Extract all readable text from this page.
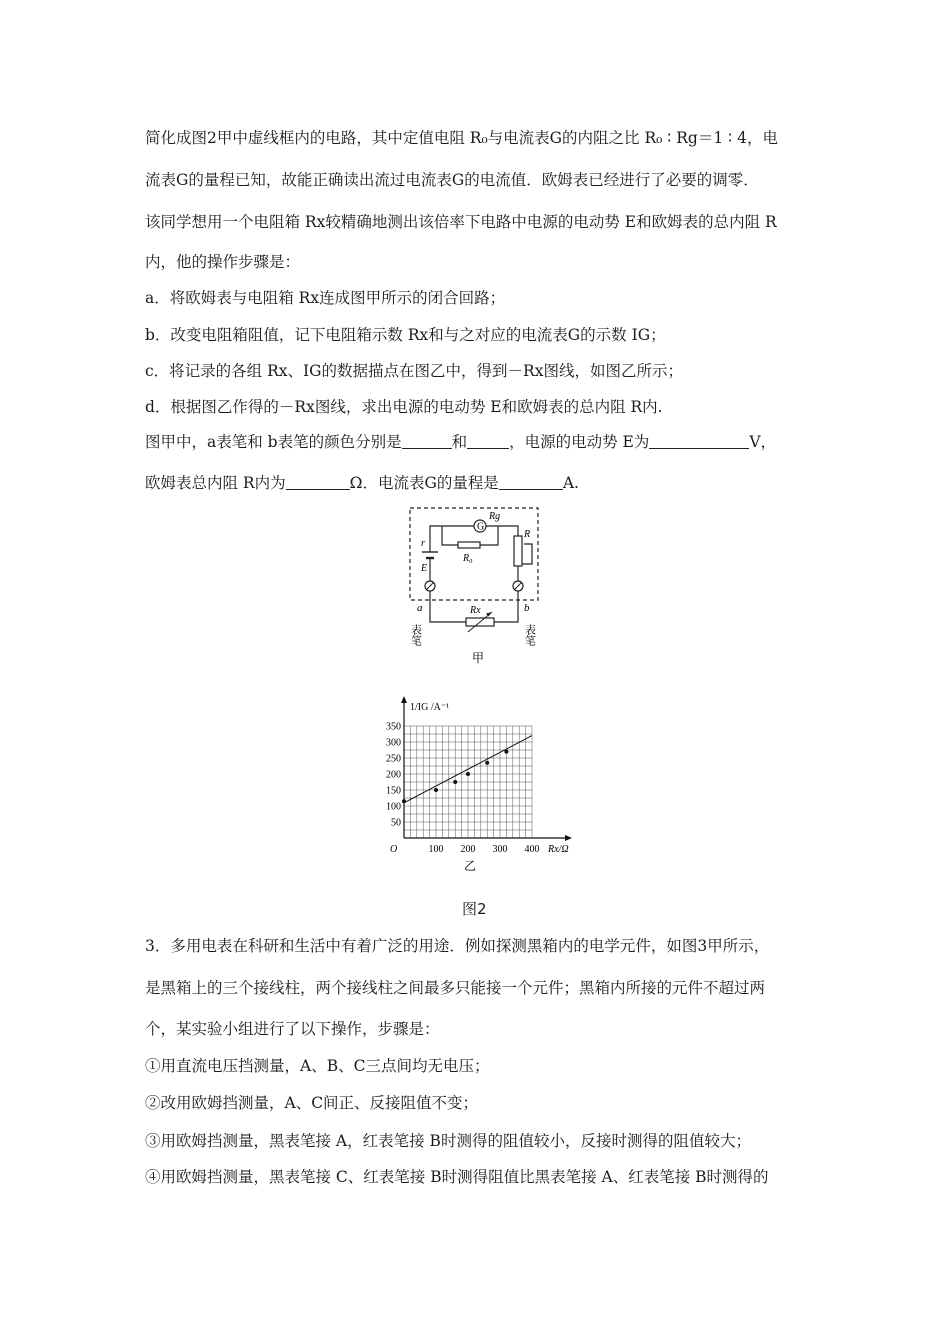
简化成图2甲中虚线框内的电路，其中定值电阻 R₀与电流表G的内阻之比 R₀ ∶ Rg＝1 ∶ 4，电
流表G的量程已知，故能正确读出流过电流表G的电流值．欧姆表已经进行了必要的调零．
该同学想用一个电阻箱 Rx较精确地测出该倍率下电路中电源的电动势 E和欧姆表的总内阻 R
内，他的操作步骤是：
a．将欧姆表与电阻箱 Rx连成图甲所示的闭合回路；
b．改变电阻箱阻值，记下电阻箱示数 Rx和与之对应的电流表G的示数 IG；
c．将记录的各组 Rx、IG的数据描点在图乙中，得到－Rx图线，如图乙所示；
d．根据图乙作得的－Rx图线，求出电源的电动势 E和欧姆表的总内阻 R内.
图甲中，a表笔和 b表笔的颜色分别是	和	，电源的电动势 E为	V，
欧姆表总内阻 R内为	Ω．电流表G的量程是	A.
G
Rg
R₀
r
E
R
Rx
a	b
表笔	表笔
甲
50
100
150
200
250
300
350
100 200 300 400
O
1/IG /A⁻¹
Rx/Ω
乙
图2
3．多用电表在科研和生活中有着广泛的用途．例如探测黑箱内的电学元件，如图3甲所示，
是黑箱上的三个接线柱，两个接线柱之间最多只能接一个元件；黑箱内所接的元件不超过两
个，某实验小组进行了以下操作，步骤是：
①用直流电压挡测量，A、B、C三点间均无电压；
②改用欧姆挡测量，A、C间正、反接阻值不变；
③用欧姆挡测量，黑表笔接 A，红表笔接 B时测得的阻值较小，反接时测得的阻值较大；
④用欧姆挡测量，黑表笔接 C、红表笔接 B时测得阻值比黑表笔接 A、红表笔接 B时测得的
